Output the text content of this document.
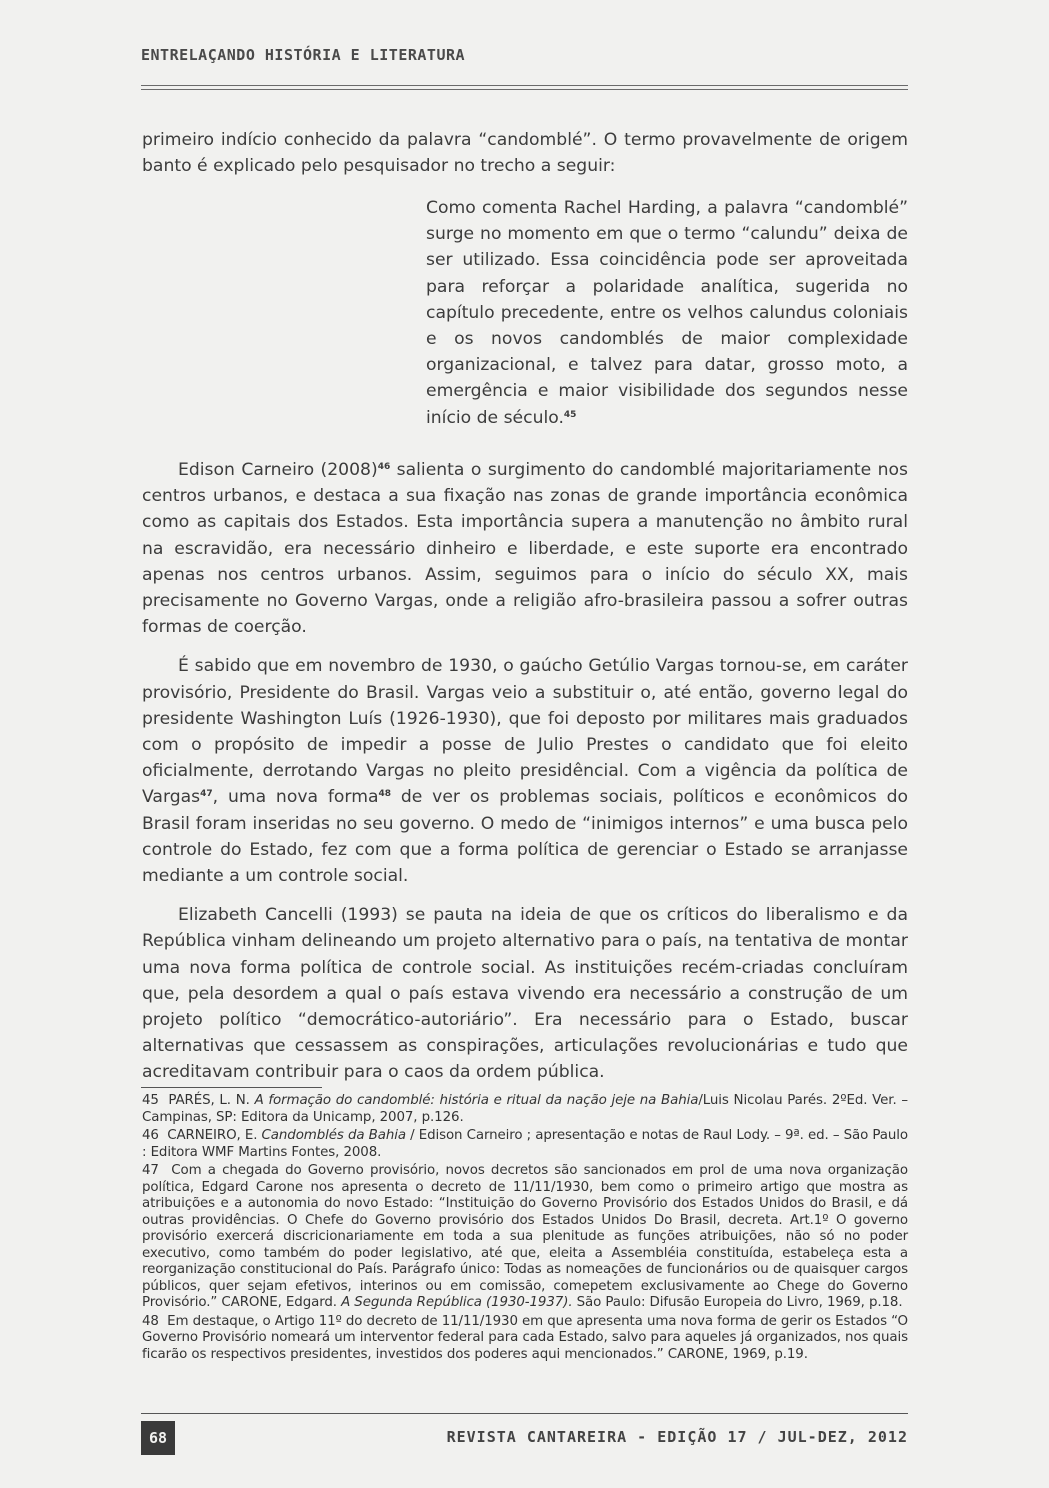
ENTRELAÇANDO HISTÓRIA E LITERATURA

primeiro indício conhecido da palavra “candomblé”. O termo provavelmente de origem banto é explicado pelo pesquisador no trecho a seguir:

Como comenta Rachel Harding, a palavra “candomblé” surge no momento em que o termo “calundu” deixa de ser utilizado. Essa coincidência pode ser aproveitada para reforçar a polaridade analítica, sugerida no capítulo precedente, entre os velhos calundus coloniais e os novos candomblés de maior complexidade organizacional, e talvez para datar, grosso moto, a emergência e maior visibilidade dos segundos nesse início de século.$^{45}$

Edison Carneiro $(2008)^{46}$ salienta o surgimento do candomblé majoritariamente nos centros urbanos, e destaca a sua fixação nas zonas de grande importância econômica como as capitais dos Estados. Esta importância supera a manutenção no âmbito rural na escravidão, era necessário dinheiro e liberdade, e este suporte era encontrado apenas nos centros urbanos. Assim, seguimos para o início do século XX, mais precisamente no Governo Vargas, onde a religião afro-brasileira passou a sofrer outras formas de coerção.

É sabido que em novembro de 1930, o gaúcho Getúlio Vargas tornou-se, em caráter provisório, Presidente do Brasil. Vargas veio a substituir o, até então, governo legal do presidente Washington Luís (1926-1930), que foi deposto por militares mais graduados com o propósito de impedir a posse de Julio Prestes o candidato que foi eleito oficialmente, derrotando Vargas no pleito presidêncial. Com a vigência da política de Vargas$^{47}$, uma nova forma$^{48}$ de ver os problemas sociais, políticos e econômicos do Brasil foram inseridas no seu governo. O medo de “inimigos internos” e uma busca pelo controle do Estado, fez com que a forma política de gerenciar o Estado se arranjasse mediante a um controle social.

Elizabeth Cancelli (1993) se pauta na ideia de que os críticos do liberalismo e da República vinham delineando um projeto alternativo para o país, na tentativa de montar uma nova forma política de controle social. As instituições recém-criadas concluíram que, pela desordem a qual o país estava vivendo era necessário a construção de um projeto político “democrático-autoriário”. Era necessário para o Estado, buscar alternativas que cessassem as conspirações, articulações revolucionárias e tudo que acreditavam contribuir para o caos da ordem pública.

45 PARÉS, L. N. A formação do candomblé: história e ritual da nação jeje na Bahia/Luis Nicolau Parés. 2ºEd. Ver. – Campinas, SP: Editora da Unicamp, 2007, p.126.

46 CARNEIRO, E. Candomblés da Bahia / Edison Carneiro ; apresentação e notas de Raul Lody. – 9ª. ed. – São Paulo : Editora WMF Martins Fontes, 2008.

47 Com a chegada do Governo provisório, novos decretos são sancionados em prol de uma nova organização política, Edgard Carone nos apresenta o decreto de 11/11/1930, bem como o primeiro artigo que mostra as atribuições e a autonomia do novo Estado: “Instituição do Governo Provisório dos Estados Unidos do Brasil, e dá outras providências. O Chefe do Governo provisório dos Estados Unidos Do Brasil, decreta. Art.1º O governo provisório exercerá discricionariamente em toda a sua plenitude as funções atribuições, não só no poder executivo, como também do poder legislativo, até que, eleita a Assembléia constituída, estabeleça esta a reorganização constitucional do País. Parágrafo único: Todas as nomeações de funcionários ou de quaisquer cargos públicos, quer sejam efetivos, interinos ou em comissão, comepetem exclusivamente ao Chege do Governo Provisório.” CARONE, Edgard. A Segunda República (1930-1937). São Paulo: Difusão Europeia do Livro, 1969, p.18.

48 Em destaque, o Artigo 11º do decreto de 11/11/1930 em que apresenta uma nova forma de gerir os Estados “O Governo Provisório nomeará um interventor federal para cada Estado, salvo para aqueles já organizados, nos quais ficarão os respectivos presidentes, investidos dos poderes aqui mencionados.” CARONE, 1969, p.19.

68	REVISTA CANTAREIRA - EDIÇÃO 17 / JUL-DEZ, 2012
